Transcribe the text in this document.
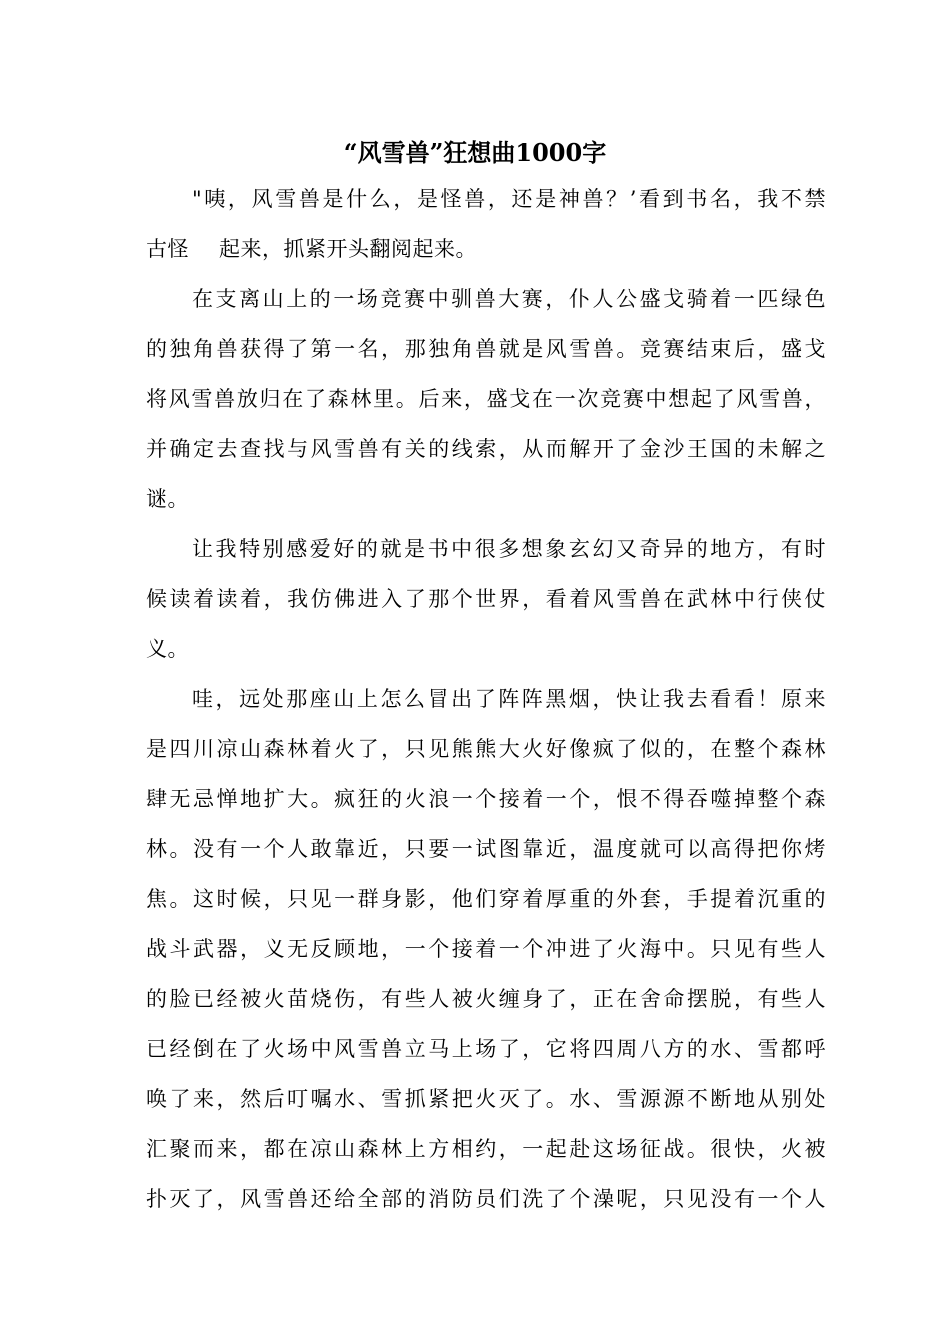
“风雪兽”狂想曲1000字
"咦，风雪兽是什么，是怪兽，还是神兽？’看到书名，我不禁
古怪 起来，抓紧开头翻阅起来。
在支离山上的一场竞赛中驯兽大赛，仆人公盛戈骑着一匹绿色
的独角兽获得了第一名，那独角兽就是风雪兽。竞赛结束后，盛戈
将风雪兽放归在了森林里。后来，盛戈在一次竞赛中想起了风雪兽，
并确定去查找与风雪兽有关的线索，从而解开了金沙王国的未解之
谜。
让我特别感爱好的就是书中很多想象玄幻又奇异的地方，有时
候读着读着，我仿佛进入了那个世界，看着风雪兽在武林中行侠仗
义。
哇，远处那座山上怎么冒出了阵阵黑烟，快让我去看看！原来
是四川凉山森林着火了，只见熊熊大火好像疯了似的，在整个森林
肆无忌惮地扩大。疯狂的火浪一个接着一个，恨不得吞噬掉整个森
林。没有一个人敢靠近，只要一试图靠近，温度就可以高得把你烤
焦。这时候，只见一群身影，他们穿着厚重的外套，手提着沉重的
战斗武器，义无反顾地，一个接着一个冲进了火海中。只见有些人
的脸已经被火苗烧伤，有些人被火缠身了，正在舍命摆脱，有些人
已经倒在了火场中风雪兽立马上场了，它将四周八方的水、雪都呼
唤了来，然后叮嘱水、雪抓紧把火灭了。水、雪源源不断地从别处
汇聚而来，都在凉山森林上方相约，一起赴这场征战。很快，火被
扑灭了，风雪兽还给全部的消防员们洗了个澡呢，只见没有一个人
